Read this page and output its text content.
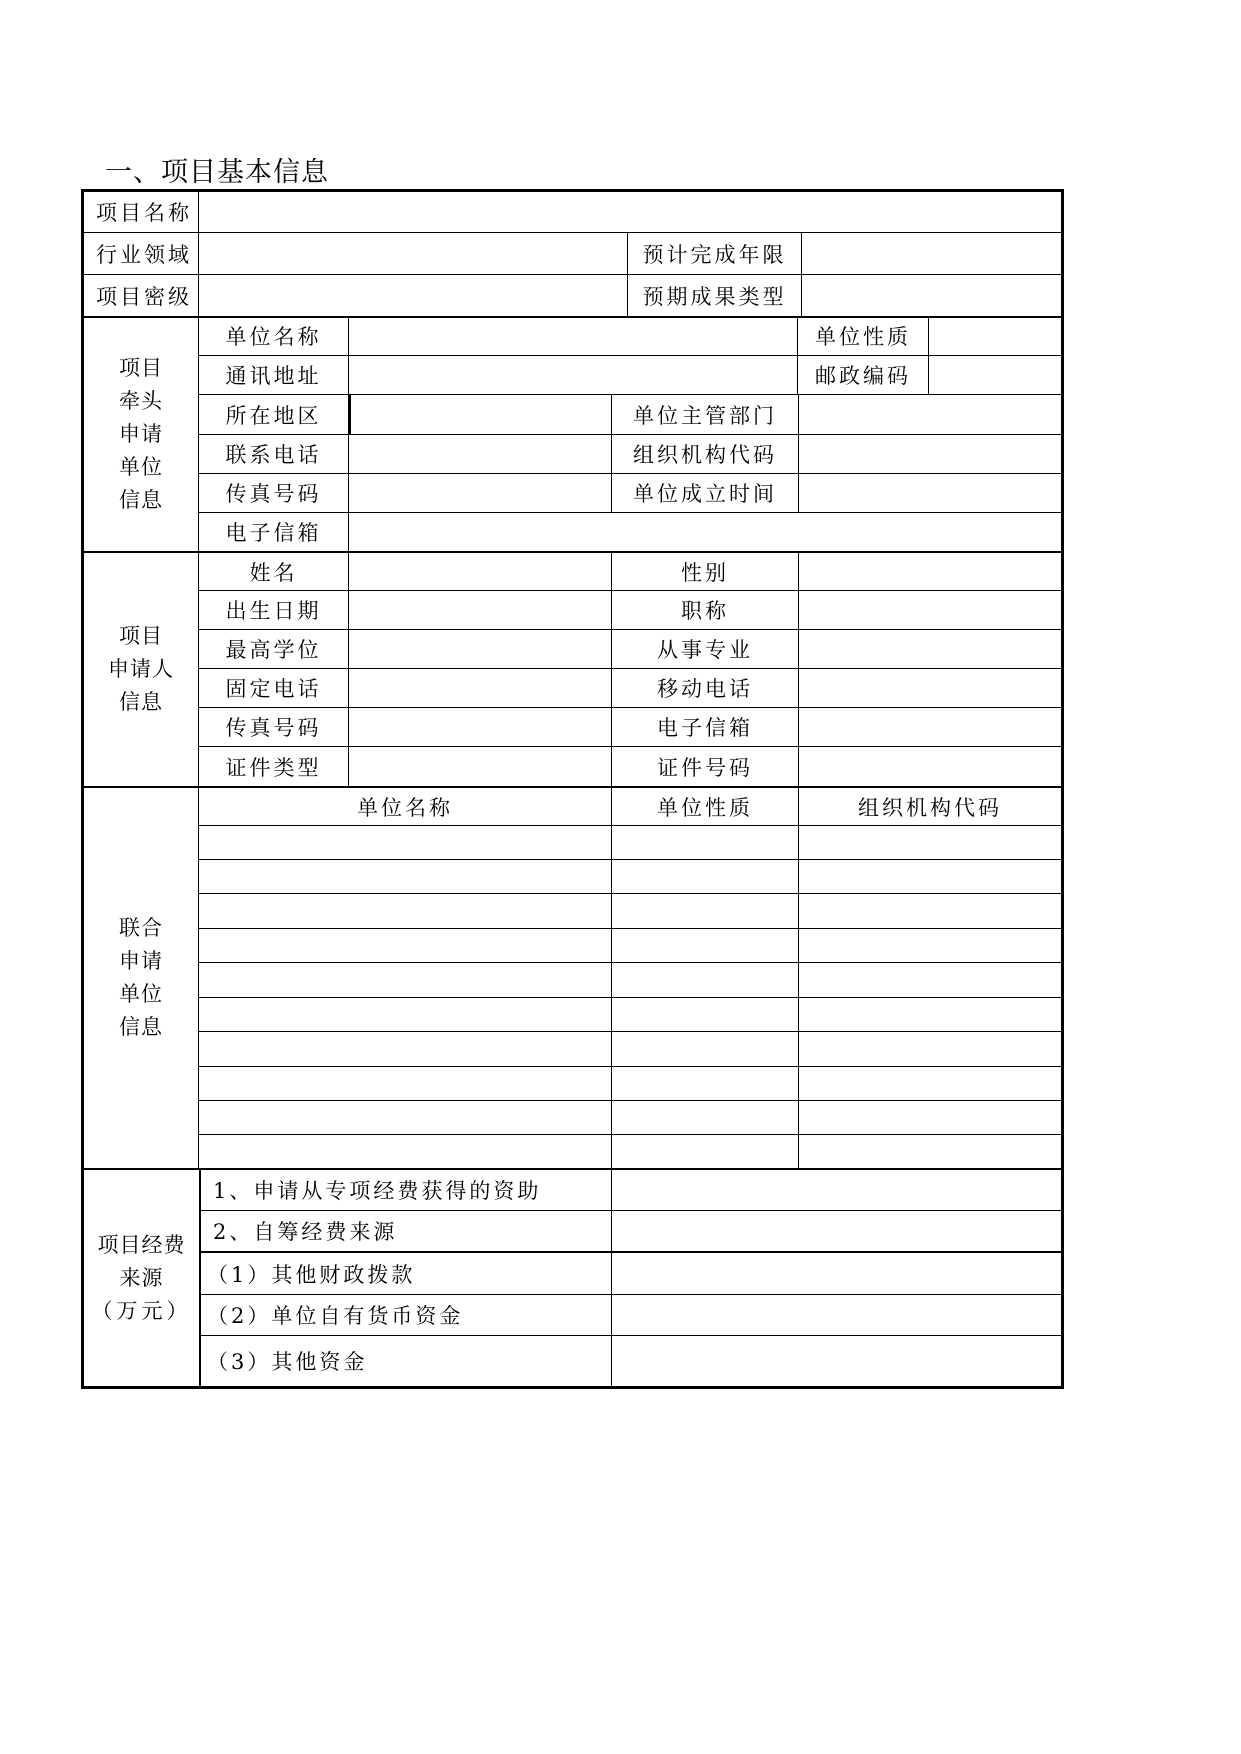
一、项目基本信息
项目名称
行业领域	预计完成年限
项目密级	预期成果类型
项目
牵头
申请
单位
信息
单位名称	单位性质
通讯地址	邮政编码
所在地区	单位主管部门
联系电话	组织机构代码
传真号码	单位成立时间
电子信箱
项目
申请人
信息
姓名	性别
出生日期	职称
最高学位	从事专业
固定电话	移动电话
传真号码	电子信箱
证件类型	证件号码
联合
申请
单位
信息
单位名称	单位性质	组织机构代码
项目经费
来源
（万元）
1、申请从专项经费获得的资助
2、自筹经费来源
（1）其他财政拨款
（2）单位自有货币资金
（3）其他资金
